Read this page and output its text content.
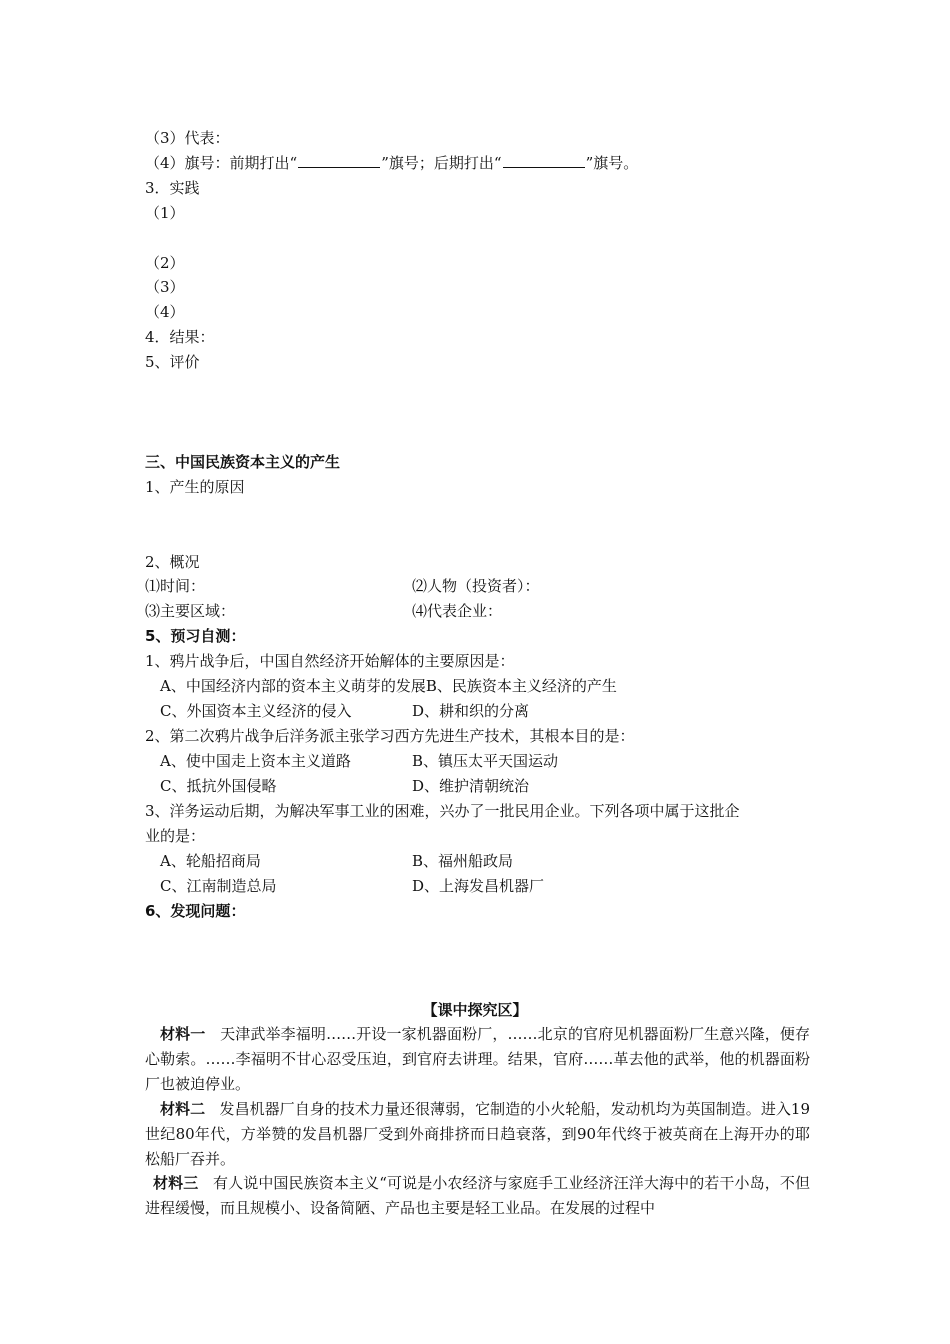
（3）代表：
（4）旗号：前期打出“	”旗号；后期打出“	”旗号。
3．实践
（1）
（2）
（3）
（4）
4．结果：
5、评价
三、中国民族资本主义的产生
1、产生的原因
2、概况
⑴时间：	⑵人物（投资者）：
⑶主要区域：	⑷代表企业：
5、预习自测：
1、鸦片战争后，中国自然经济开始解体的主要原因是：
A、中国经济内部的资本主义萌芽的发展B、民族资本主义经济的产生
C、外国资本主义经济的侵入	D、耕和织的分离
2、第二次鸦片战争后洋务派主张学习西方先进生产技术，其根本目的是：
A、使中国走上资本主义道路	B、镇压太平天国运动
C、抵抗外国侵略	D、维护清朝统治
3、洋务运动后期，为解决军事工业的困难，兴办了一批民用企业。下列各项中属于这批企
业的是：
A、轮船招商局	B、福州船政局
C、江南制造总局	D、上海发昌机器厂
6、发现问题：
【课中探究区】
材料一 天津武举李福明……开设一家机器面粉厂，……北京的官府见机器面粉厂生意兴隆，便存心勒索。……李福明不甘心忍受压迫，到官府去讲理。结果，官府……革去他的武举，他的机器面粉厂也被迫停业。
材料二 发昌机器厂自身的技术力量还很薄弱，它制造的小火轮船，发动机均为英国制造。进入19世纪80年代，方举赞的发昌机器厂受到外商排挤而日趋衰落，到90年代终于被英商在上海开办的耶松船厂吞并。
材料三 有人说中国民族资本主义“可说是小农经济与家庭手工业经济汪洋大海中的若干小岛，不但进程缓慢，而且规模小、设备简陋、产品也主要是轻工业品。在发展的过程中
